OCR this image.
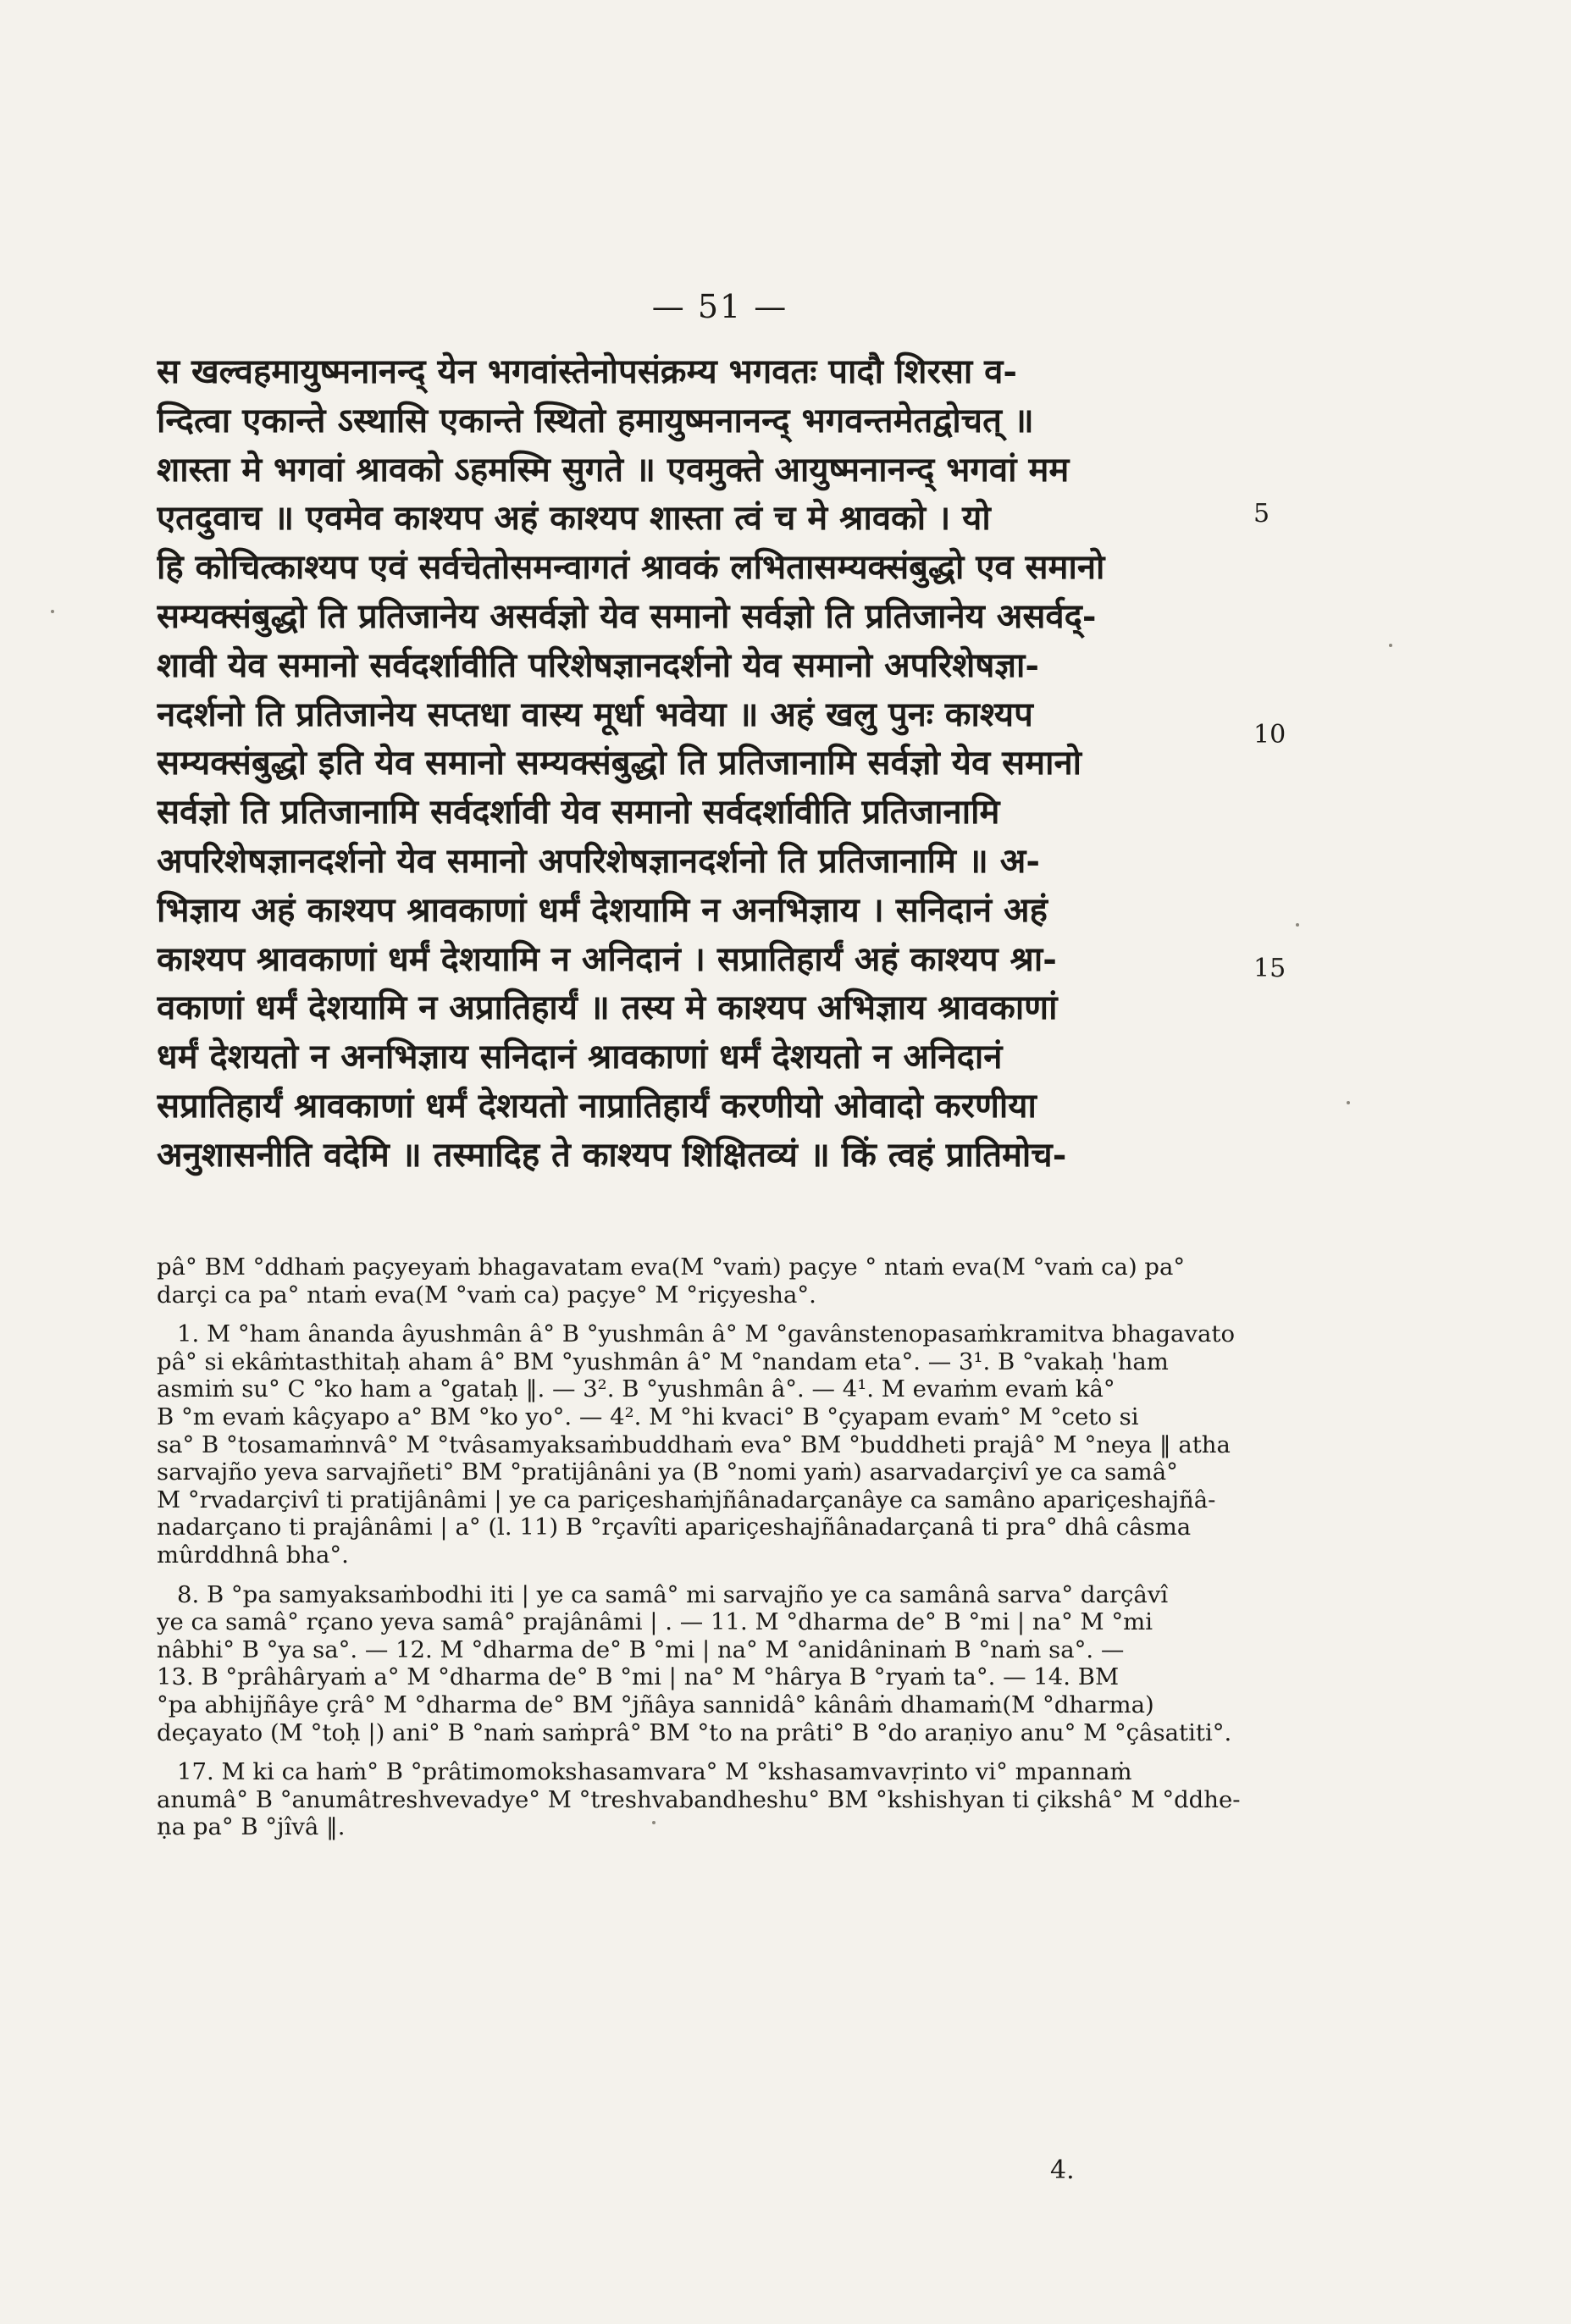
— 51 —
स खल्वहमायुष्मनानन्द् येन भगवांस्तेनोपसंक्रम्य भगवतः पादौ शिरसा व-
न्दित्वा एकान्ते ऽस्थासि एकान्ते स्थितो हमायुष्मनानन्द् भगवन्तमेतद्वोचत् ॥
शास्ता मे भगवां श्रावको ऽहमस्मि सुगते ॥ एवमुक्ते आयुष्मनानन्द् भगवां मम
एतदुवाच ॥ एवमेव काश्यप अहं काश्यप शास्ता त्वं च मे श्रावको । यो
हि कोचित्काश्यप एवं सर्वचेतोसमन्वागतं श्रावकं लभितासम्यक्संबुद्धो एव समानो
सम्यक्संबुद्धो ति प्रतिजानेय असर्वज्ञो येव समानो सर्वज्ञो ति प्रतिजानेय असर्वद्-
शावी येव समानो सर्वदर्शावीति परिशेषज्ञानदर्शनो येव समानो अपरिशेषज्ञा-
नदर्शनो ति प्रतिजानेय सप्तधा वास्य मूर्धा भवेया ॥ अहं खलु पुनः काश्यप
सम्यक्संबुद्धो इति येव समानो सम्यक्संबुद्धो ति प्रतिजानामि सर्वज्ञो येव समानो
सर्वज्ञो ति प्रतिजानामि सर्वदर्शावी येव समानो सर्वदर्शावीति प्रतिजानामि
अपरिशेषज्ञानदर्शनो येव समानो अपरिशेषज्ञानदर्शनो ति प्रतिजानामि ॥ अ-
भिज्ञाय अहं काश्यप श्रावकाणां धर्मं देशयामि न अनभिज्ञाय । सनिदानं अहं
काश्यप श्रावकाणां धर्मं देशयामि न अनिदानं । सप्रातिहार्यं अहं काश्यप श्रा-
वकाणां धर्मं देशयामि न अप्रातिहार्यं ॥ तस्य मे काश्यप अभिज्ञाय श्रावकाणां
धर्मं देशयतो न अनभिज्ञाय सनिदानं श्रावकाणां धर्मं देशयतो न अनिदानं
सप्रातिहार्यं श्रावकाणां धर्मं देशयतो नाप्रातिहार्यं करणीयो ओवादो करणीया
अनुशासनीति वदेमि ॥ तस्मादिह ते काश्यप शिक्षितव्यं ॥ किं त्वहं प्रातिमोच-
5
10
15
pâ° BM °ddhaṁ paçyeyaṁ bhagavatam eva(M °vaṁ) paçye ° ntaṁ eva(M °vaṁ ca) pa°
darçi ca pa° ntaṁ eva(M °vaṁ ca) paçye° M °riçyesha°.
1. M °ham ânanda âyushmân â° B °yushmân â° M °gavânstenopasaṁkramitva bhagavato
pâ° si ekâṁtasthitaḥ aham â° BM °yushmân â° M °nandam eta°. — 3¹. B °vakaḥ 'ham
asmiṁ su° C °ko ham a °gataḥ ‖. — 3². B °yushmân â°. — 4¹. M evaṁm evaṁ kâ°
B °m evaṁ kâçyapo a° BM °ko yo°. — 4². M °hi kvaci° B °çyapam evaṁ° M °ceto si
sa° B °tosamaṁnvâ° M °tvâsamyaksaṁbuddhaṁ eva° BM °buddheti prajâ° M °neya ‖ atha
sarvajño yeva sarvajñeti° BM °pratijânâni ya (B °nomi yaṁ) asarvadarçivî ye ca samâ°
M °rvadarçivî ti pratijânâmi | ye ca pariçeshaṁjñânadarçanâye ca samâno apariçeshajñâ-
nadarçano ti prajânâmi | a° (l. 11) B °rçavîti apariçeshajñânadarçanâ ti pra° dhâ câsma
mûrddhnâ bha°.
8. B °pa samyaksaṁbodhi iti | ye ca samâ° mi sarvajño ye ca samânâ sarva° darçâvî
ye ca samâ° rçano yeva samâ° prajânâmi | . — 11. M °dharma de° B °mi | na° M °mi
nâbhi° B °ya sa°. — 12. M °dharma de° B °mi | na° M °anidâninaṁ B °naṁ sa°. —
13. B °prâhâryaṁ a° M °dharma de° B °mi | na° M °hârya B °ryaṁ ta°. — 14. BM
°pa abhijñâye çrâ° M °dharma de° BM °jñâya sannidâ° kânâṁ dhamaṁ(M °dharma)
deçayato (M °toḥ |) ani° B °naṁ saṁprâ° BM °to na prâti° B °do araṇiyo anu° M °çâsatiti°.
17. M ki ca haṁ° B °prâtimomokshasamvara° M °kshasamvavṛinto vi° mpannaṁ
anumâ° B °anumâtreshvevadye° M °treshvabandheshu° BM °kshishyan ti çikshâ° M °ddhe-
ṇa pa° B °jîvâ ‖.
4.
